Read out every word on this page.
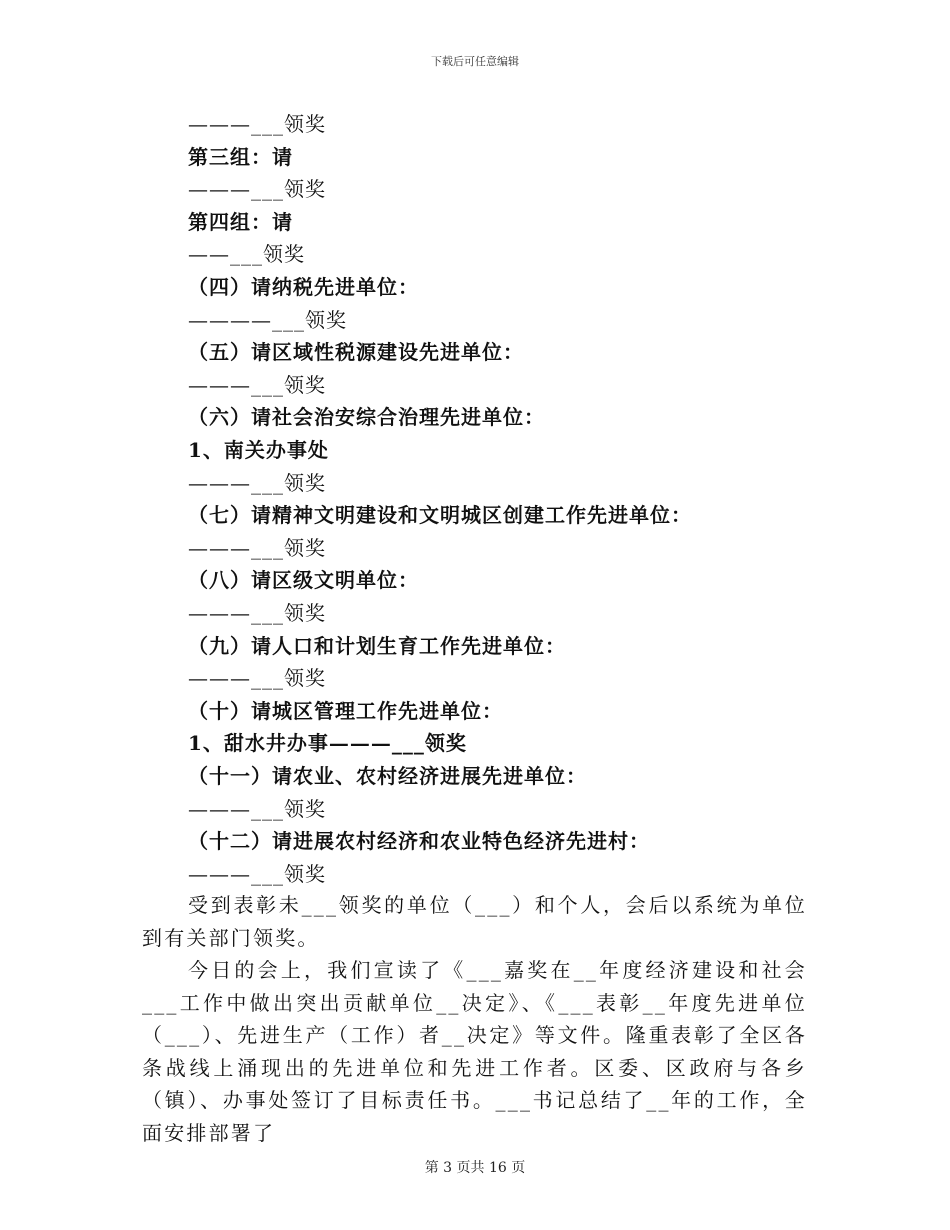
下载后可任意编辑
———___领奖
第三组：请
———___领奖
第四组：请
——___领奖
（四）请纳税先进单位：
————___领奖
（五）请区域性税源建设先进单位：
———___领奖
（六）请社会治安综合治理先进单位：
1、南关办事处
———___领奖
（七）请精神文明建设和文明城区创建工作先进单位：
———___领奖
（八）请区级文明单位：
———___领奖
（九）请人口和计划生育工作先进单位：
———___领奖
（十）请城区管理工作先进单位：
1、甜水井办事———___领奖
（十一）请农业、农村经济进展先进单位：
———___领奖
（十二）请进展农村经济和农业特色经济先进村：
———___领奖
受到表彰未___领奖的单位（___）和个人，会后以系统为单位到有关部门领奖。
今日的会上，我们宣读了《___嘉奖在__年度经济建设和社会___工作中做出突出贡献单位__决定》、《___表彰__年度先进单位（___）、先进生产（工作）者__决定》等文件。隆重表彰了全区各条战线上涌现出的先进单位和先进工作者。区委、区政府与各乡（镇）、办事处签订了目标责任书。___书记总结了__年的工作，全面安排部署了
第 3 页共 16 页
